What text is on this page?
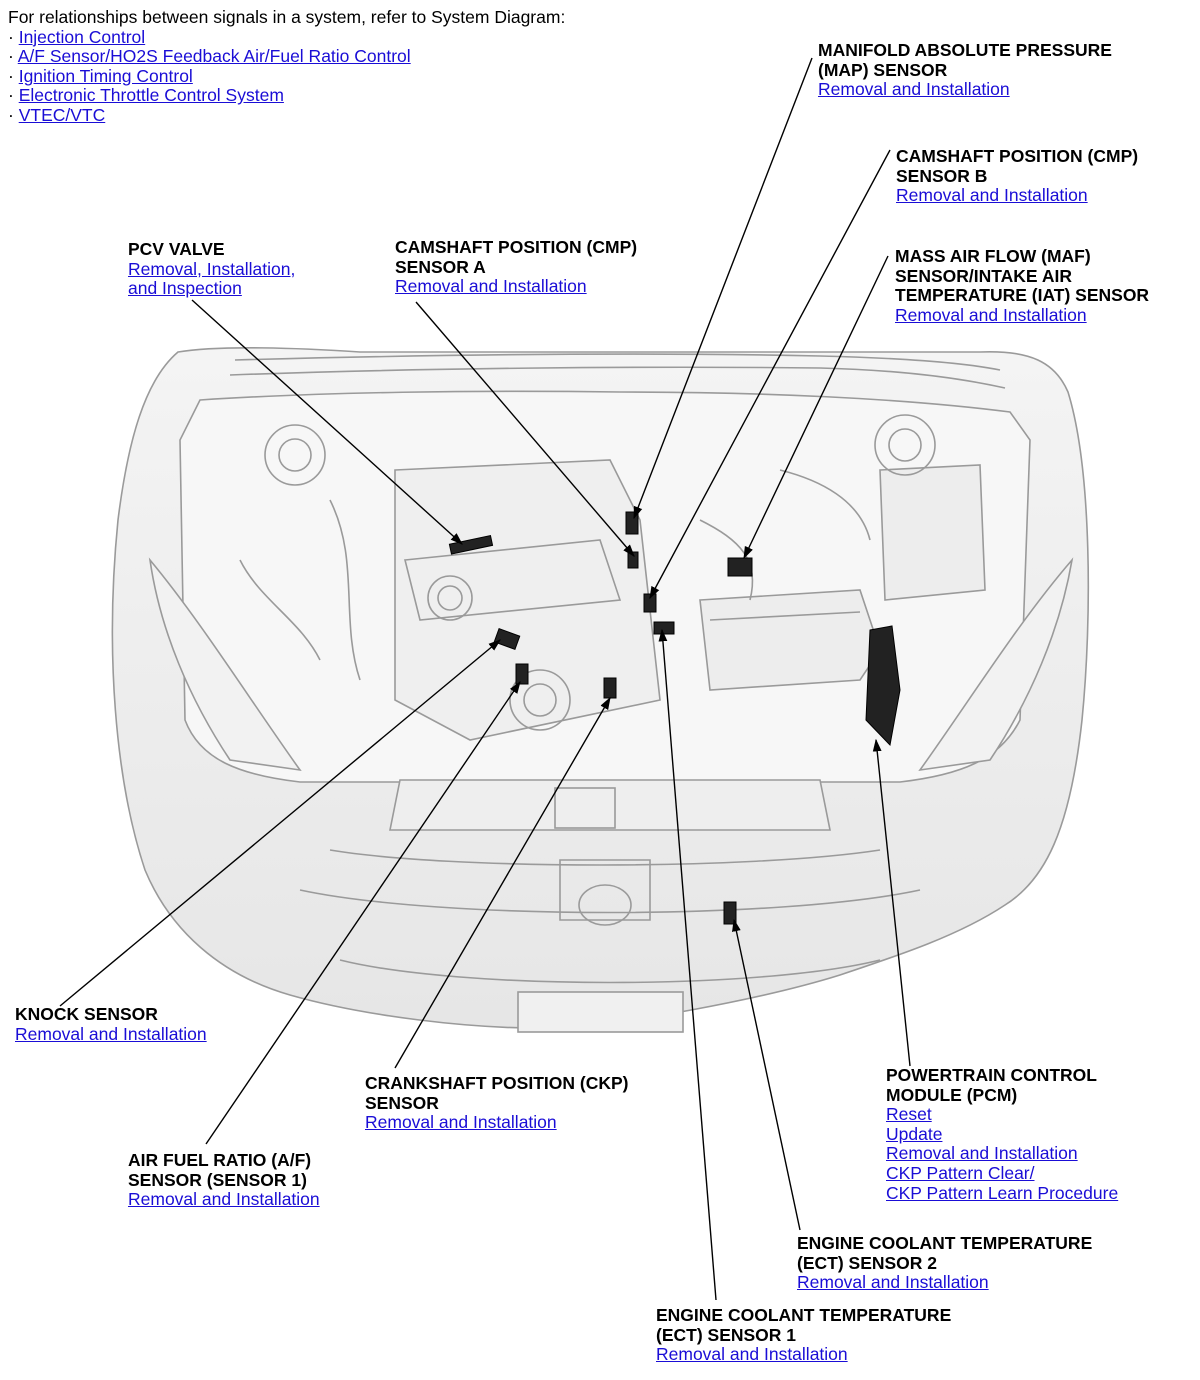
For relationships between signals in a system, refer to System Diagram:
· Injection Control
· A/F Sensor/HO2S Feedback Air/Fuel Ratio Control
· Ignition Timing Control
· Electronic Throttle Control System
· VTEC/VTC
MANIFOLD ABSOLUTE PRESSURE
(MAP) SENSOR
Removal and Installation
CAMSHAFT POSITION (CMP)
SENSOR B
Removal and Installation
PCV VALVE
Removal, Installation,
and Inspection
CAMSHAFT POSITION (CMP)
SENSOR A
Removal and Installation
MASS AIR FLOW (MAF)
SENSOR/INTAKE AIR
TEMPERATURE (IAT) SENSOR
Removal and Installation
KNOCK SENSOR
Removal and Installation
CRANKSHAFT POSITION (CKP)
SENSOR
Removal and Installation
AIR FUEL RATIO (A/F)
SENSOR (SENSOR 1)
Removal and Installation
POWERTRAIN CONTROL
MODULE (PCM)
Reset
Update
Removal and Installation
CKP Pattern Clear/
CKP Pattern Learn Procedure
ENGINE COOLANT TEMPERATURE
(ECT) SENSOR 2
Removal and Installation
ENGINE COOLANT TEMPERATURE
(ECT) SENSOR 1
Removal and Installation
